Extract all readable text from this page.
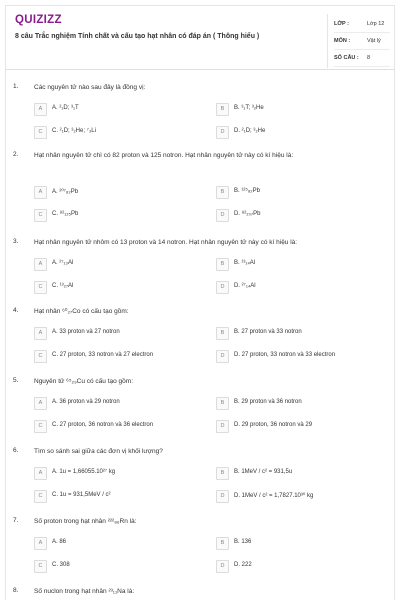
QUIZIZZ
8 câu Trắc nghiệm Tính chất và cấu tạo hạt nhân có đáp án ( Thông hiểu )
LỚP :	Lớp 12
MÔN :	Vật lý
SỐ CÂU : 8
1. Các nguyên tử nào sau đây là đồng vị:
A	A. ²₁D; ³₁T	B	B. ³₁T; ³₂He
C	C. ²₁D; ³₂He; ⁷₃Li	D	D. ²₁D; ³₂He
2. Hạt nhân nguyên tử chì có 82 proton và 125 notron. Hạt nhân nguyên tử này có kí hiệu là:
A	A. ²⁰⁷₈₂Pb	B	B. ¹²⁵₈₂Pb
C	C. ⁸²₁₂₅Pb	D	D. ⁸²₂₀₇Pb
3. Hạt nhân nguyên tử nhôm có 13 proton và 14 notron. Hạt nhân nguyên tử này có kí hiệu là:
A	A. ²⁷₁₃Al	B	B. ¹³₁₄Al
C	C. ¹³₂₇Al	D	D. ²⁷₁₄Al
4. Hạt nhân ⁶⁰₂₇Co có cấu tạo gồm:
A	A. 33 proton và 27 notron	B	B. 27 proton và 33 notron
C	C. 27 proton, 33 notron và 27 electron	D	D. 27 proton, 33 notron và 33 electron
5. Nguyên tử ⁶⁵₂₉Cu có cấu tạo gồm:
A	A. 36 proton và 29 notron	B	B. 29 proton và 36 notron
C	C. 27 proton, 36 notron và 36 electron	D	D. 29 proton, 36 notron và 29
6. Tìm so sánh sai giữa các đơn vị khối lượng?
A	A. 1u = 1,66055.10²⁷ kg	B	B. 1MeV / c² = 931,5u
C	C. 1u = 931,5MeV / c²	D	D. 1MeV / c² = 1,7827.10³⁰ kg
7. Số proton trong hạt nhân ²²²₈₆Rn là:
A	A. 86	B	B. 136
C	C. 308	D	D. 222
8. Số nuclon trong hạt nhân ²³₁₁Na là:
